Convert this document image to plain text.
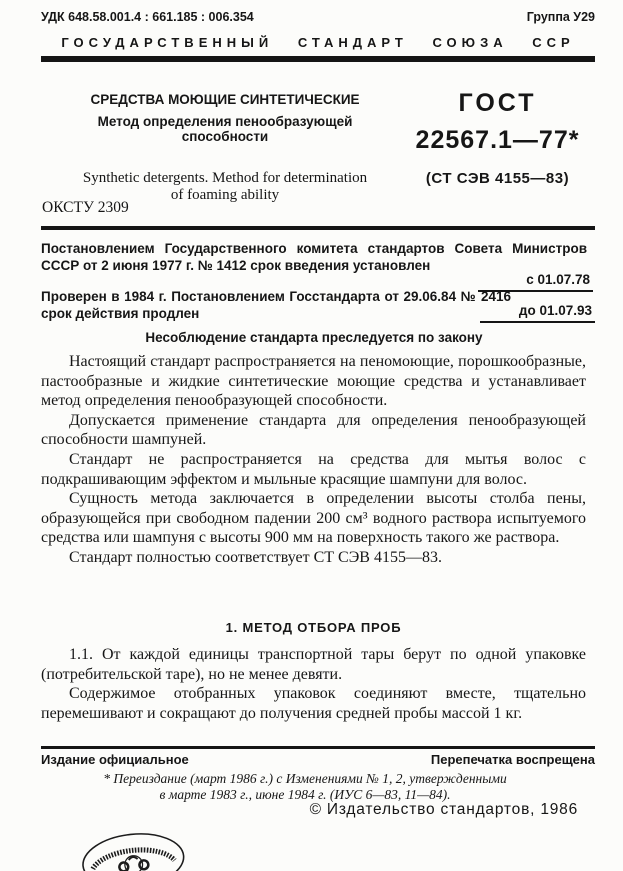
УДК 648.58.001.4 : 661.185 : 006.354	Группа У29
ГОСУДАРСТВЕННЫЙ СТАНДАРТ СОЮЗА ССР
СРЕДСТВА МОЮЩИЕ СИНТЕТИЧЕСКИЕ
Метод определения пенообразующей способности
Synthetic detergents. Method for determination
of foaming ability
ГОСТ
22567.1—77*
(СТ СЭВ 4155—83)
ОКСТУ 2309

Постановлением Государственного комитета стандартов Совета Министров СССР от 2 июня 1977 г. № 1412 срок введения установлен

с 01.07.78

Проверен в 1984 г. Постановлением Госстандарта от 29.06.84 № 2416 срок действия продлен	до 01.07.93
Несоблюдение стандарта преследуется по закону

Настоящий стандарт распространяется на пеномоющие, порошкообразные, пастообразные и жидкие синтетические моющие средства и устанавливает метод определения пенообразующей способности.

Допускается применение стандарта для определения пенообразующей способности шампуней.

Стандарт не распространяется на средства для мытья волос с подкрашивающим эффектом и мыльные красящие шампуни для волос.

Сущность метода заключается в определении высоты столба пены, образующейся при свободном падении 200 см³ водного раствора испытуемого средства или шампуня с высоты 900 мм на поверхность такого же раствора.

Стандарт полностью соответствует СТ СЭВ 4155—83.

1. МЕТОД ОТБОРА ПРОБ

1.1. От каждой единицы транспортной тары берут по одной упаковке (потребительской таре), но не менее девяти.

Содержимое отобранных упаковок соединяют вместе, тщательно перемешивают и сокращают до получения средней пробы массой 1 кг.

Издание официальное	Перепечатка воспрещена
* Переиздание (март 1986 г.) с Изменениями № 1, 2, утвержденными
в марте 1983 г., июне 1984 г. (ИУС 6—83, 11—84).
© Издательство стандартов, 1986
